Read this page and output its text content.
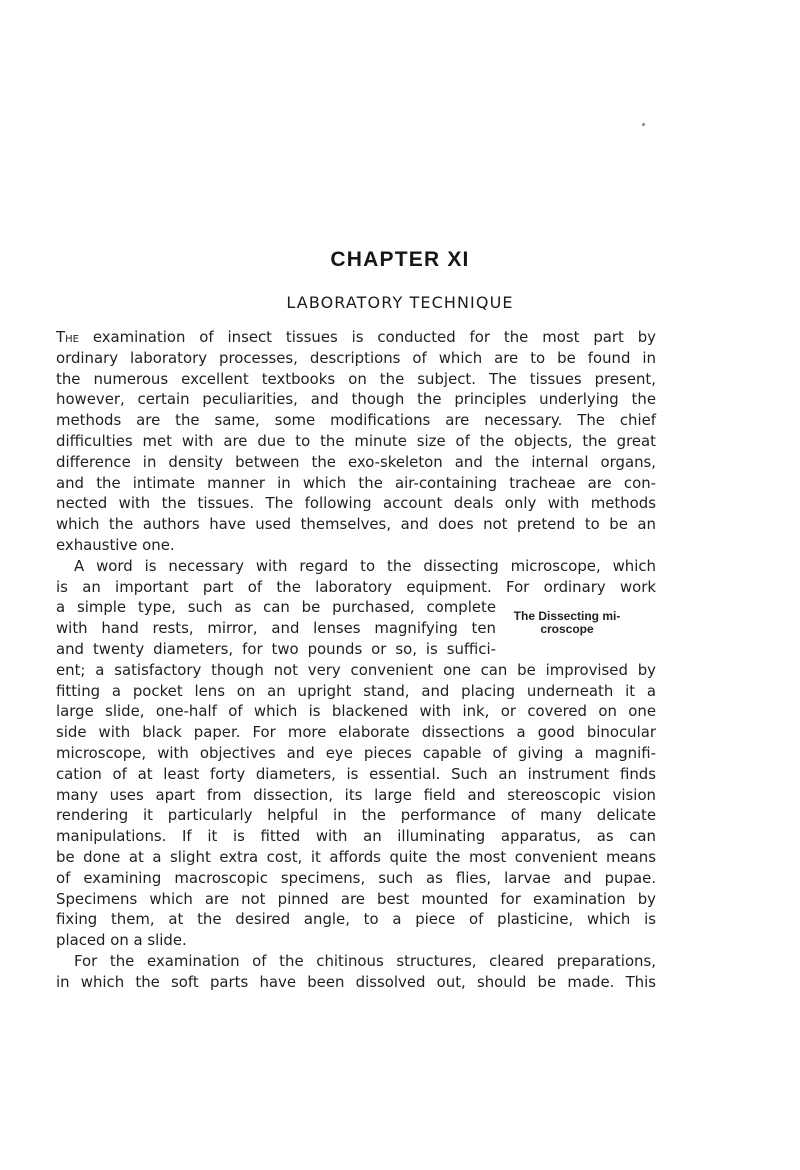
CHAPTER XI
LABORATORY TECHNIQUE

The examination of insect tissues is conducted for the most part by
ordinary laboratory processes, descriptions of which are to be found in
the numerous excellent textbooks on the subject. The tissues present,
however, certain peculiarities, and though the principles underlying the
methods are the same, some modifications are necessary. The chief
difficulties met with are due to the minute size of the objects, the great
difference in density between the exo-skeleton and the internal organs,
and the intimate manner in which the air-containing tracheae are con-
nected with the tissues. The following account deals only with methods
which the authors have used themselves, and does not pretend to be an
exhaustive one.

A word is necessary with regard to the dissecting microscope, which
is an important part of the laboratory equipment. For ordinary work
a simple type, such as can be purchased, complete
with hand rests, mirror, and lenses magnifying ten
and twenty diameters, for two pounds or so, is suffici-
ent; a satisfactory though not very convenient one can be improvised by
fitting a pocket lens on an upright stand, and placing underneath it a
large slide, one-half of which is blackened with ink, or covered on one
side with black paper. For more elaborate dissections a good binocular
microscope, with objectives and eye pieces capable of giving a magnifi-
cation of at least forty diameters, is essential. Such an instrument finds
many uses apart from dissection, its large field and stereoscopic vision
rendering it particularly helpful in the performance of many delicate
manipulations. If it is fitted with an illuminating apparatus, as can
be done at a slight extra cost, it affords quite the most convenient means
of examining macroscopic specimens, such as flies, larvae and pupae.
Specimens which are not pinned are best mounted for examination by
fixing them, at the desired angle, to a piece of plasticine, which is
placed on a slide.

For the examination of the chitinous structures, cleared preparations,
in which the soft parts have been dissolved out, should be made. This

The Dissecting mi-
croscope
